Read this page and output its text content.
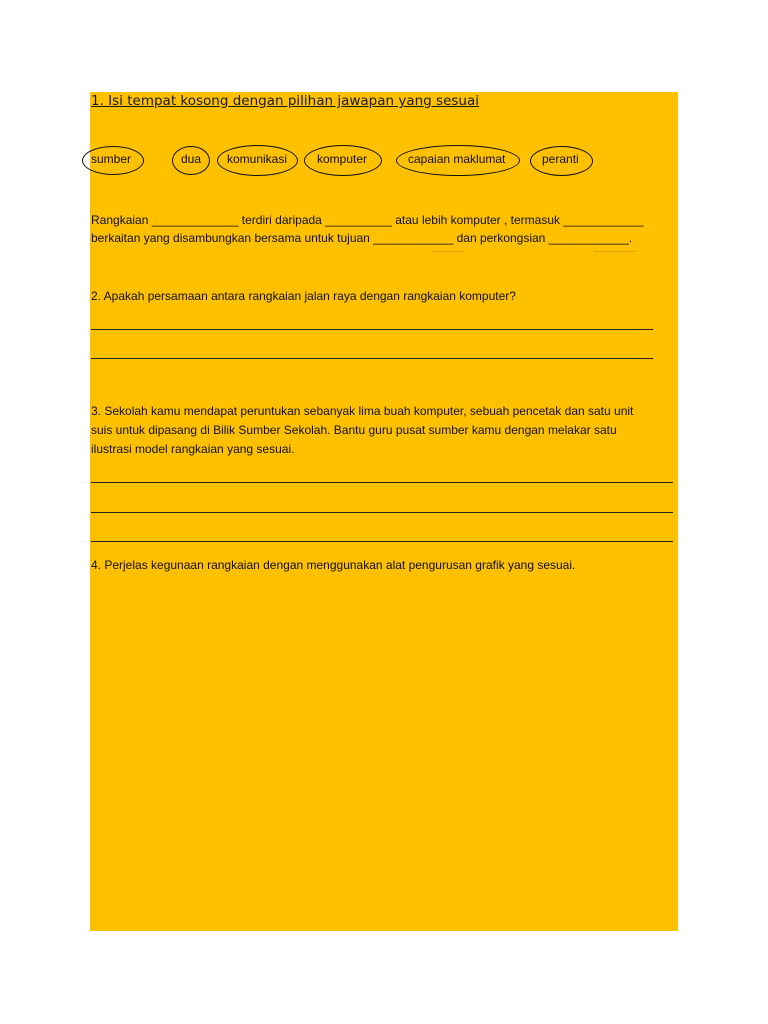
1. Isi tempat kosong dengan pilihan jawapan yang sesuai
sumber	dua komunikasi komputer	capaian maklumat	peranti
Rangkaian _____________ terdiri daripada __________ atau lebih komputer , termasuk ____________
berkaitan yang disambungkan bersama untuk tujuan ____________ dan perkongsian ____________.
2. Apakah persamaan antara rangkaian jalan raya dengan rangkaian komputer?
3. Sekolah kamu mendapat peruntukan sebanyak lima buah komputer, sebuah pencetak dan satu unit
suis untuk dipasang di Bilik Sumber Sekolah. Bantu guru pusat sumber kamu dengan melakar satu
ilustrasi model rangkaian yang sesuai.
4. Perjelas kegunaan rangkaian dengan menggunakan alat pengurusan grafik yang sesuai.
